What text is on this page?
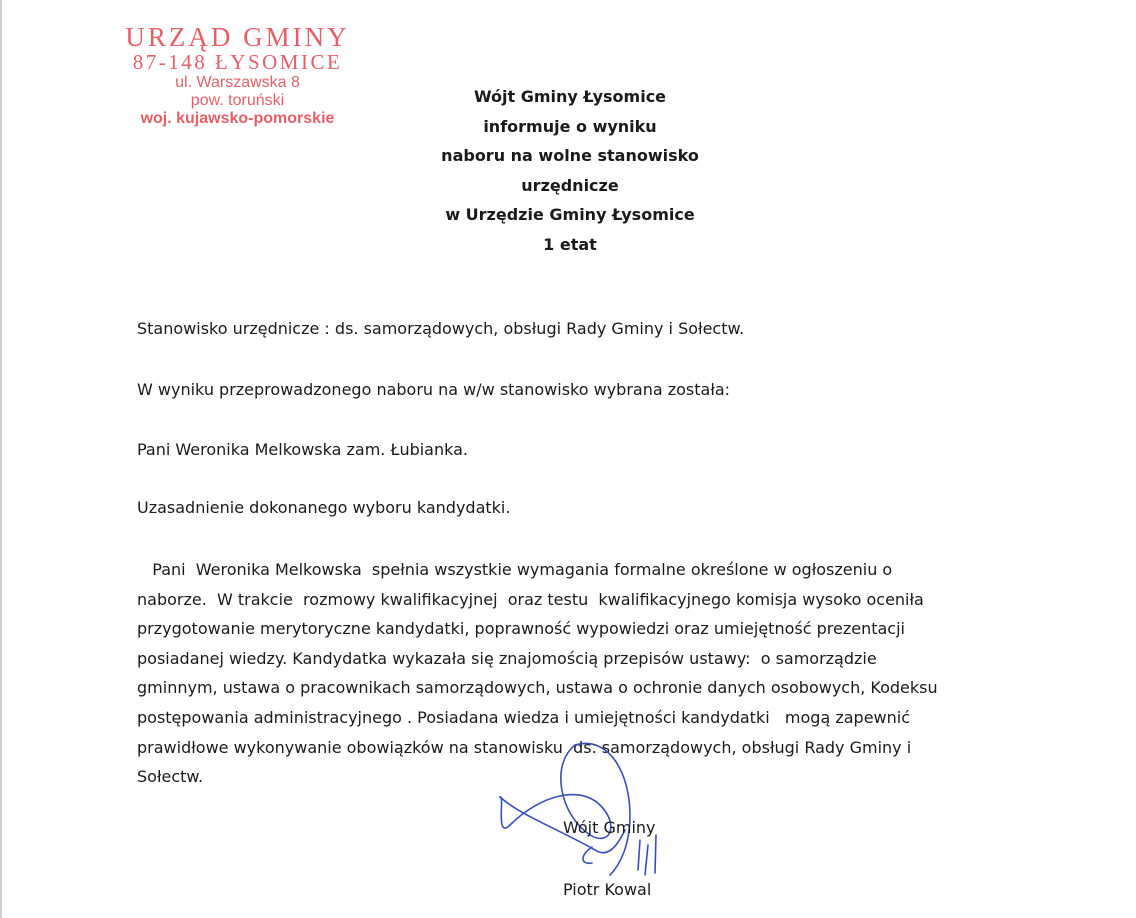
URZĄD GMINY
87-148 ŁYSOMICE
ul. Warszawska 8
pow. toruński
woj. kujawsko-pomorskie
Wójt Gminy Łysomice
informuje o wyniku
naboru na wolne stanowisko urzędnicze
w Urzędzie Gminy Łysomice
1 etat
Stanowisko urzędnicze : ds. samorządowych, obsługi Rady Gminy i Sołectw.
W wyniku przeprowadzonego naboru na w/w stanowisko wybrana została:
Pani Weronika Melkowska zam. Łubianka.
Uzasadnienie dokonanego wyboru kandydatki.
Pani  Weronika Melkowska  spełnia wszystkie wymagania formalne określone w ogłoszeniu o
naborze.  W trakcie  rozmowy kwalifikacyjnej  oraz testu  kwalifikacyjnego komisja wysoko oceniła
przygotowanie merytoryczne kandydatki, poprawność wypowiedzi oraz umiejętność prezentacji
posiadanej wiedzy. Kandydatka wykazała się znajomością przepisów ustawy:  o samorządzie
gminnym, ustawa o pracownikach samorządowych, ustawa o ochronie danych osobowych, Kodeksu
postępowania administracyjnego . Posiadana wiedza i umiejętności kandydatki   mogą zapewnić
prawidłowe wykonywanie obowiązków na stanowisku  ds. samorządowych, obsługi Rady Gminy i
Sołectw.
Wójt Gminy
Piotr Kowal
